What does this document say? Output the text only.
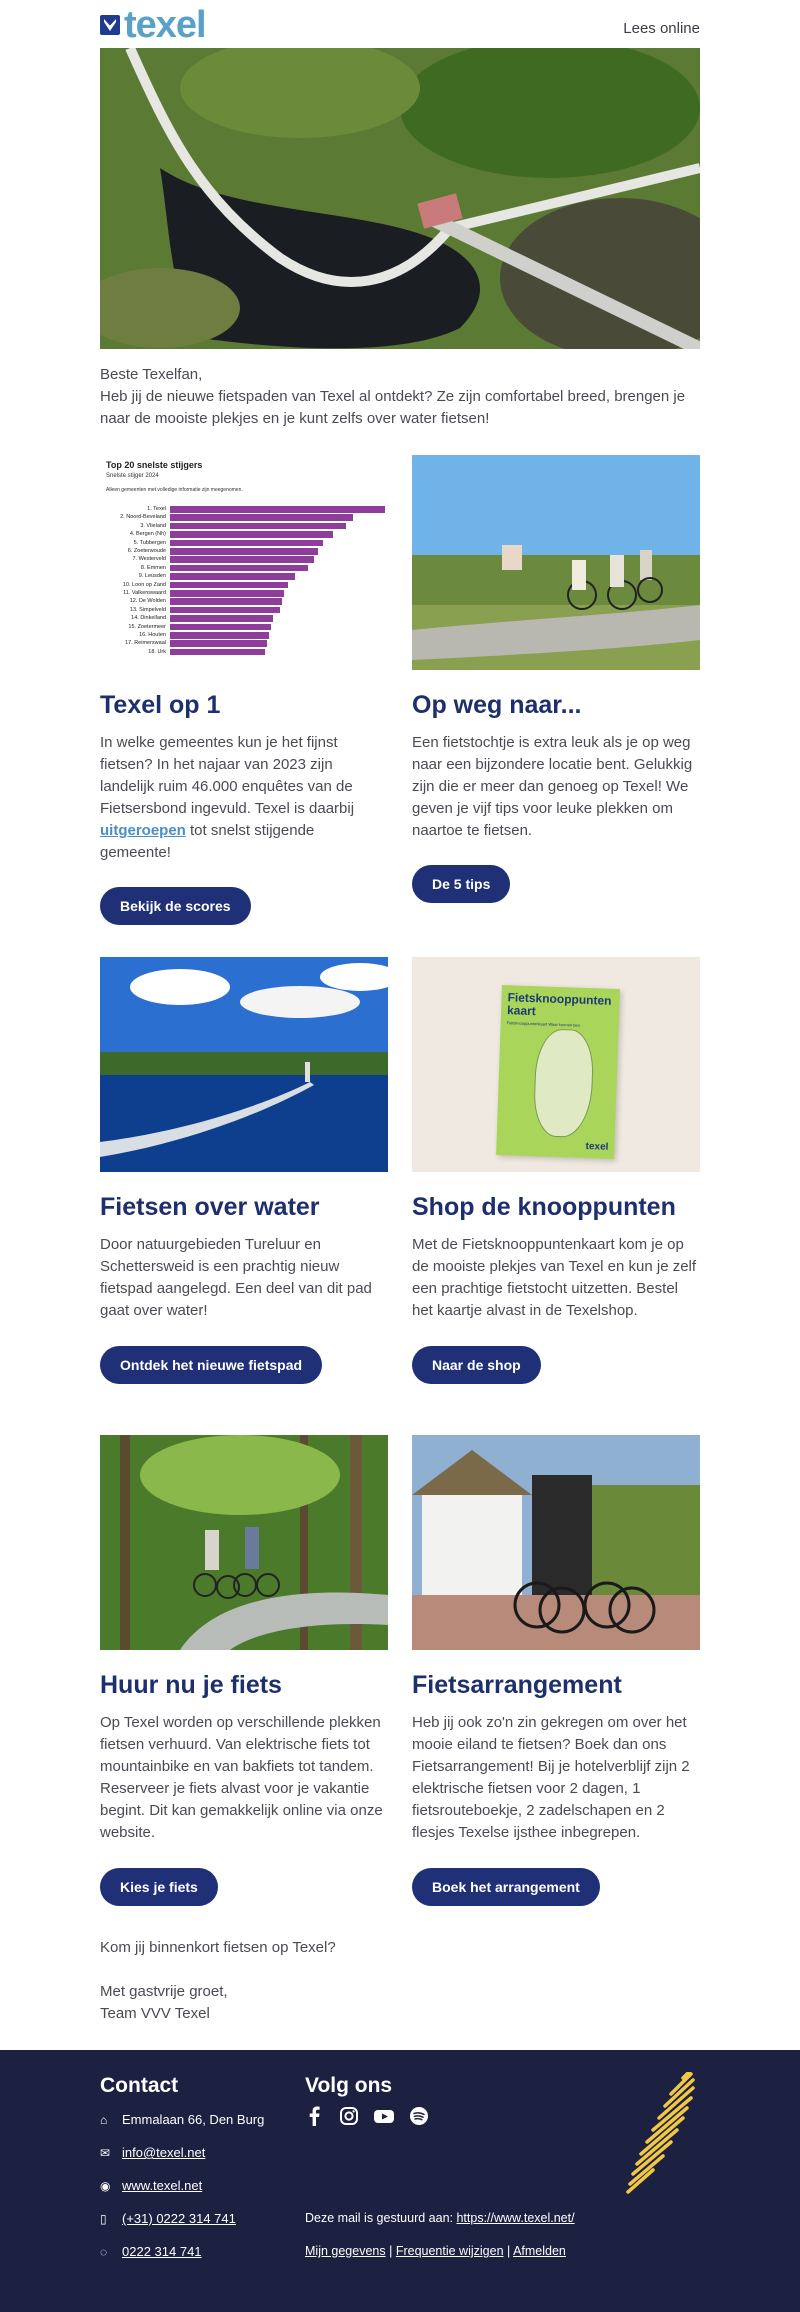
texel	Lees online
Beste Texelfan,
Heb jij de nieuwe fietspaden van Texel al ontdekt? Ze zijn comfortabel breed, brengen je naar de mooiste plekjes en je kunt zelfs over water fietsen!
Top 20 snelste stijgers
Snelste stijger 2024
Alleen gemeenten met volledige informatie zijn meegenomen.
1. Texel
2. Noord-Beveland
3. Vlieland
4. Bergen (Nh)
5. Tubbergen
6. Zoeterwoude
7. Westerveld
8. Emmen
9. Leusden
10. Loon op Zand
11. Valkenswaard
12. De Wolden
13. Simpelveld
14. Dinkelland
15. Zoetermeer
16. Houten
17. Reimerswaal
18. Urk
Texel op 1

In welke gemeentes kun je het fijnst fietsen? In het najaar van 2023 zijn landelijk ruim 46.000 enquêtes van de Fietsersbond ingevuld. Texel is daarbij uitgeroepen tot snelst stijgende gemeente!

Bekijk de scores
Op weg naar...

Een fietstochtje is extra leuk als je op weg naar een bijzondere locatie bent. Gelukkig zijn die er meer dan genoeg op Texel! We geven je vijf tips voor leuke plekken om naartoe te fietsen.

De 5 tips
Fietsen over water

Door natuurgebieden Tureluur en Schettersweid is een prachtig nieuw fietspad aangelegd. Een deel van dit pad gaat over water!

Ontdek het nieuwe fietspad
Fietsknooppunten kaart
Fietsknooppuntenkaart Waar kunnen ben
texel
Shop de knooppunten

Met de Fietsknooppuntenkaart kom je op de mooiste plekjes van Texel en kun je zelf een prachtige fietstocht uitzetten. Bestel het kaartje alvast in de Texelshop.

Naar de shop
Huur nu je fiets

Op Texel worden op verschillende plekken fietsen verhuurd. Van elektrische fiets tot mountainbike en van bakfiets tot tandem. Reserveer je fiets alvast voor je vakantie begint. Dit kan gemakkelijk online via onze website.

Kies je fiets
Fietsarrangement

Heb jij ook zo'n zin gekregen om over het mooie eiland te fietsen? Boek dan ons Fietsarrangement! Bij je hotelverblijf zijn 2 elektrische fietsen voor 2 dagen, 1 fietsrouteboekje, 2 zadelschapen en 2 flesjes Texelse ijsthee inbegrepen.

Boek het arrangement
Kom jij binnenkort fietsen op Texel?
Met gastvrije groet,
Team VVV Texel
Contact	Volg ons
⌂	Emmalaan 66, Den Burg
✉ info@texel.net
◉ www.texel.net
▯	(+31) 0222 314 741
◌	0222 314 741
Deze mail is gestuurd aan: https://www.texel.net/
Mijn gegevens | Frequentie wijzigen | Afmelden
